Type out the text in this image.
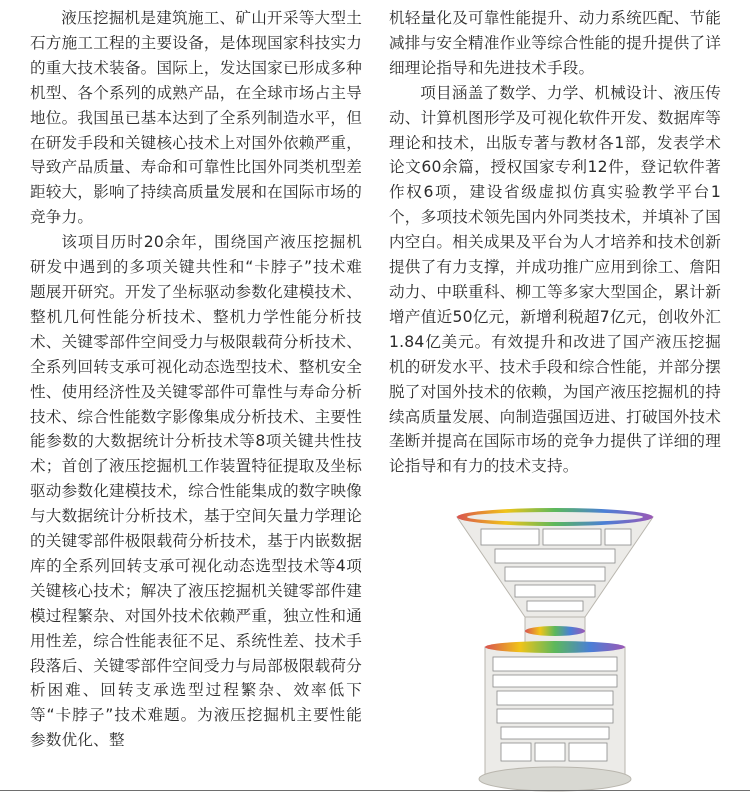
液压挖掘机是建筑施工、矿山开采等大型土石方施工工程的主要设备，是体现国家科技实力的重大技术装备。国际上，发达国家已形成多种机型、各个系列的成熟产品，在全球市场占主导地位。我国虽已基本达到了全系列制造水平，但在研发手段和关键核心技术上对国外依赖严重，导致产品质量、寿命和可靠性比国外同类机型差距较大，影响了持续高质量发展和在国际市场的竞争力。

该项目历时20余年，围绕国产液压挖掘机研发中遇到的多项关键共性和“卡脖子”技术难题展开研究。开发了坐标驱动参数化建模技术、整机几何性能分析技术、整机力学性能分析技术、关键零部件空间受力与极限载荷分析技术、全系列回转支承可视化动态选型技术、整机安全性、使用经济性及关键零部件可靠性与寿命分析技术、综合性能数字影像集成分析技术、主要性能参数的大数据统计分析技术等8项关键共性技术；首创了液压挖掘机工作装置特征提取及坐标驱动参数化建模技术，综合性能集成的数字映像与大数据统计分析技术，基于空间矢量力学理论的关键零部件极限载荷分析技术，基于内嵌数据库的全系列回转支承可视化动态选型技术等4项关键核心技术；解决了液压挖掘机关键零部件建模过程繁杂、对国外技术依赖严重，独立性和通用性差，综合性能表征不足、系统性差、技术手段落后、关键零部件空间受力与局部极限载荷分析困难、回转支承选型过程繁杂、效率低下等“卡脖子”技术难题。为液压挖掘机主要性能参数优化、整

机轻量化及可靠性能提升、动力系统匹配、节能减排与安全精准作业等综合性能的提升提供了详细理论指导和先进技术手段。

项目涵盖了数学、力学、机械设计、液压传动、计算机图形学及可视化软件开发、数据库等理论和技术，出版专著与教材各1部，发表学术论文60余篇，授权国家专利12件，登记软件著作权6项，建设省级虚拟仿真实验教学平台1个，多项技术领先国内外同类技术，并填补了国内空白。相关成果及平台为人才培养和技术创新提供了有力支撑，并成功推广应用到徐工、詹阳动力、中联重科、柳工等多家大型国企，累计新增产值近50亿元，新增利税超7亿元，创收外汇1.84亿美元。有效提升和改进了国产液压挖掘机的研发水平、技术手段和综合性能，并部分摆脱了对国外技术的依赖，为国产液压挖掘机的持续高质量发展、向制造强国迈进、打破国外技术垄断并提高在国际市场的竞争力提供了详细的理论指导和有力的技术支持。
